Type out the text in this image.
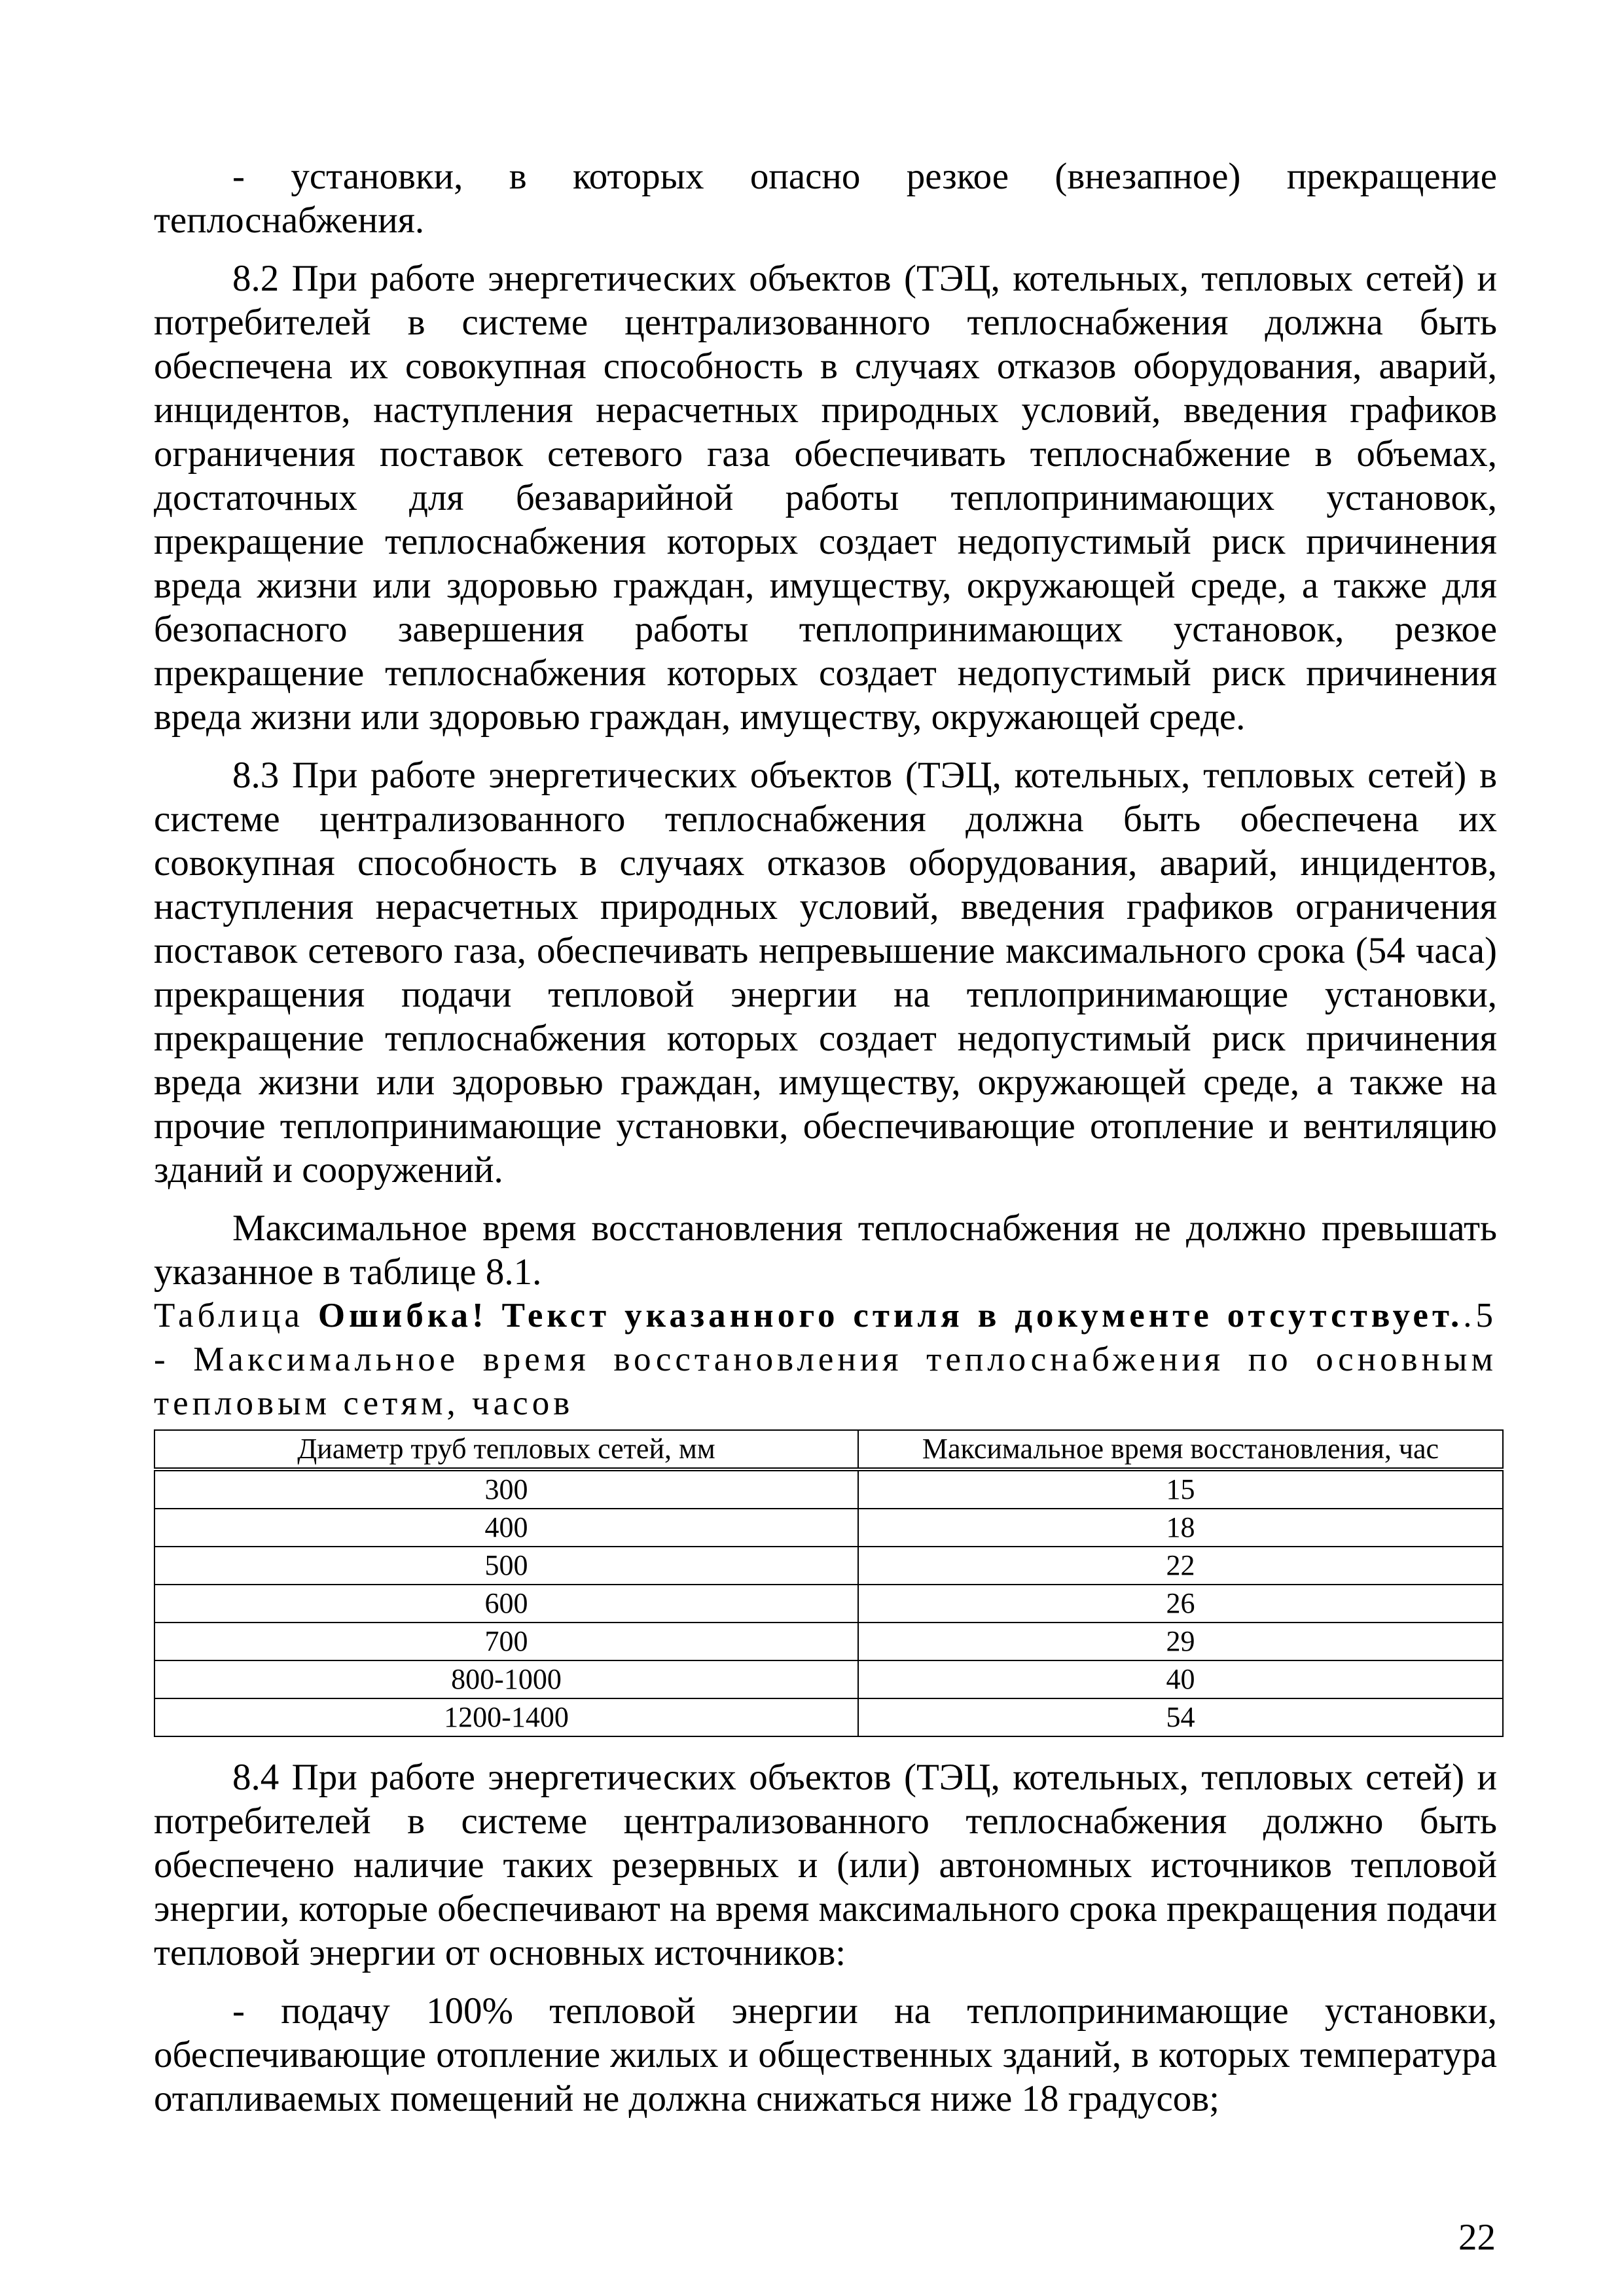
- установки, в которых опасно резкое (внезапное) прекращение теплоснабжения.

8.2 При работе энергетических объектов (ТЭЦ, котельных, тепловых сетей) и потребителей в системе централизованного теплоснабжения должна быть обеспечена их совокупная способность в случаях отказов оборудования, аварий, инцидентов, наступления нерасчетных природных условий, введения графиков ограничения поставок сетевого газа обеспечивать теплоснабжение в объемах, достаточных для безаварийной работы теплопринимающих установок, прекращение теплоснабжения которых создает недопустимый риск причинения вреда жизни или здоровью граждан, имуществу, окружающей среде, а также для безопасного завершения работы теплопринимающих установок, резкое прекращение теплоснабжения которых создает недопустимый риск причинения вреда жизни или здоровью граждан, имуществу, окружающей среде.

8.3 При работе энергетических объектов (ТЭЦ, котельных, тепловых сетей) в системе централизованного теплоснабжения должна быть обеспечена их совокупная способность в случаях отказов оборудования, аварий, инцидентов, наступления нерасчетных природных условий, введения графиков ограничения поставок сетевого газа, обеспечивать непревышение максимального срока (54 часа) прекращения подачи тепловой энергии на теплопринимающие установки, прекращение теплоснабжения которых создает недопустимый риск причинения вреда жизни или здоровью граждан, имуществу, окружающей среде, а также на прочие теплопринимающие установки, обеспечивающие отопление и вентиляцию зданий и сооружений.

Максимальное время восстановления теплоснабжения не должно превышать указанное в таблице 8.1.

Таблица Ошибка! Текст указанного стиля в документе отсутствует..5 - Максимальное время восстановления теплоснабжения по основным тепловым сетям, часов

Диаметр труб тепловых сетей, мм	Максимальное время восстановления, час
300	15
400	18
500	22
600	26
700	29
800-1000	40
1200-1400	54

8.4 При работе энергетических объектов (ТЭЦ, котельных, тепловых сетей) и потребителей в системе централизованного теплоснабжения должно быть обеспечено наличие таких резервных и (или) автономных источников тепловой энергии, которые обеспечивают на время максимального срока прекращения подачи тепловой энергии от основных источников:

- подачу 100% тепловой энергии на теплопринимающие установки, обеспечивающие отопление жилых и общественных зданий, в которых температура отапливаемых помещений не должна снижаться ниже 18 градусов;

22
